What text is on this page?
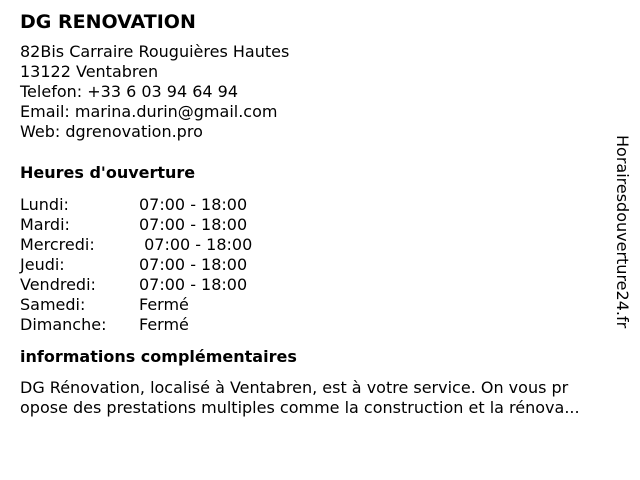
DG RENOVATION
82Bis Carraire Rouguières Hautes
13122 Ventabren
Telefon: +33 6 03 94 64 94
Email: marina.durin@gmail.com
Web: dgrenovation.pro
Heures d'ouverture
Lundi:	07:00 - 18:00
Mardi:	07:00 - 18:00
Mercredi:	07:00 - 18:00
Jeudi:	07:00 - 18:00
Vendredi:	07:00 - 18:00
Samedi:	Fermé
Dimanche: Fermé
informations complémentaires
DG Rénovation, localisé à Ventabren, est à votre service. On vous pr
opose des prestations multiples comme la construction et la rénova...
Horairesdouverture24.fr
